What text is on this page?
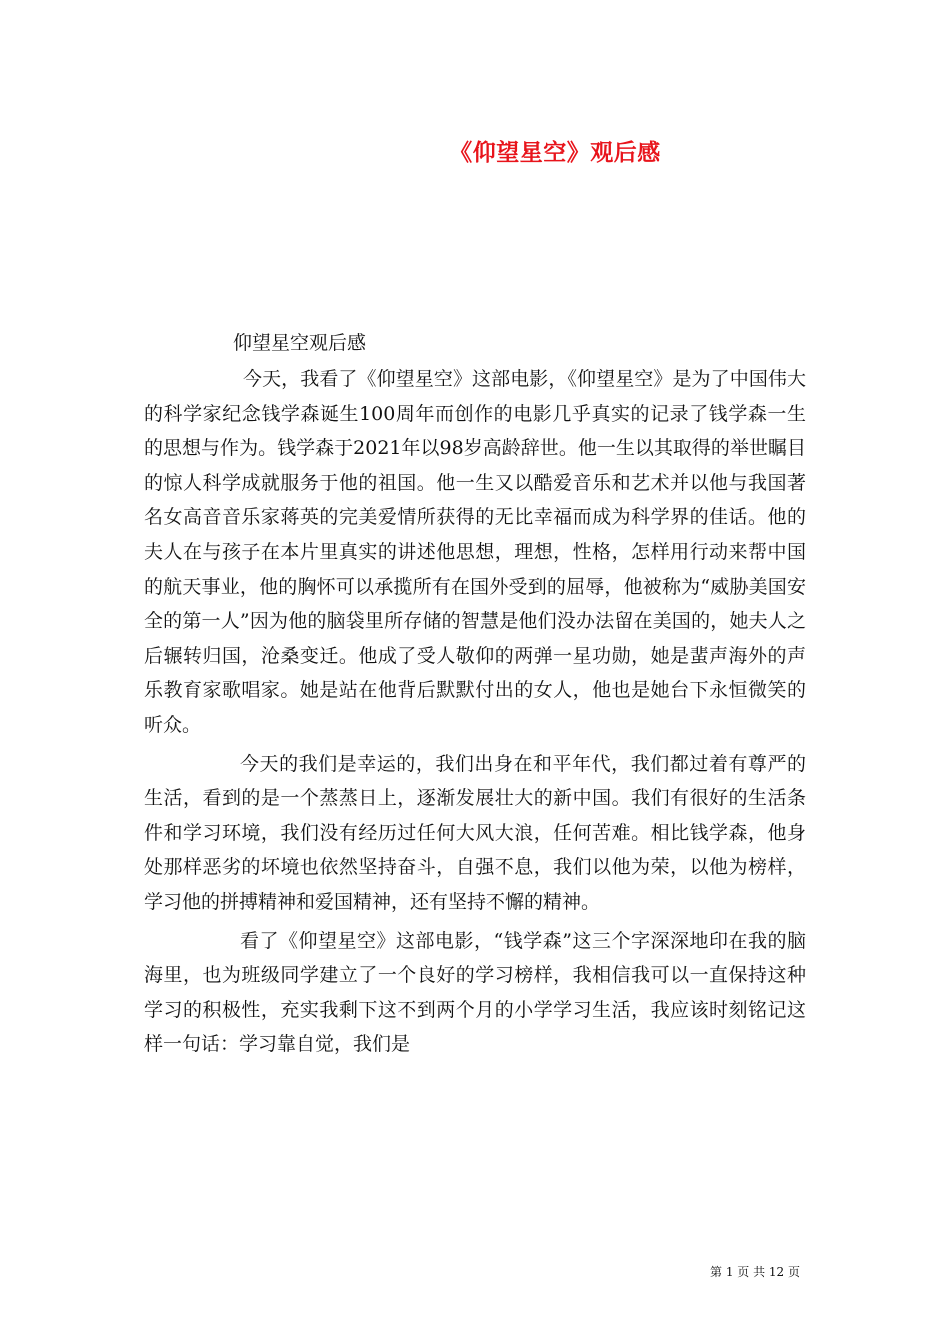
《仰望星空》观后感
仰望星空观后感

今天，我看了《仰望星空》这部电影，《仰望星空》是为了中国伟大的科学家纪念钱学森诞生100周年而创作的电影几乎真实的记录了钱学森一生的思想与作为。钱学森于2021年以98岁高龄辞世。他一生以其取得的举世瞩目的惊人科学成就服务于他的祖国。他一生又以酷爱音乐和艺术并以他与我国著名女高音音乐家蒋英的完美爱情所获得的无比幸福而成为科学界的佳话。他的夫人在与孩子在本片里真实的讲述他思想，理想，性格，怎样用行动来帮中国的航天事业，他的胸怀可以承揽所有在国外受到的屈辱，他被称为“威胁美国安全的第一人”因为他的脑袋里所存储的智慧是他们没办法留在美国的，她夫人之后辗转归国，沧桑变迁。他成了受人敬仰的两弹一星功勋，她是蜚声海外的声乐教育家歌唱家。她是站在他背后默默付出的女人，他也是她台下永恒微笑的听众。

今天的我们是幸运的，我们出身在和平年代，我们都过着有尊严的生活，看到的是一个蒸蒸日上，逐渐发展壮大的新中国。我们有很好的生活条件和学习环境，我们没有经历过任何大风大浪，任何苦难。相比钱学森，他身处那样恶劣的坏境也依然坚持奋斗，自强不息，我们以他为荣，以他为榜样，学习他的拼搏精神和爱国精神，还有坚持不懈的精神。

看了《仰望星空》这部电影，“钱学森”这三个字深深地印在我的脑海里，也为班级同学建立了一个良好的学习榜样，我相信我可以一直保持这种学习的积极性，充实我剩下这不到两个月的小学学习生活，我应该时刻铭记这样一句话：学习靠自觉，我们是

第 1 页 共 12 页
